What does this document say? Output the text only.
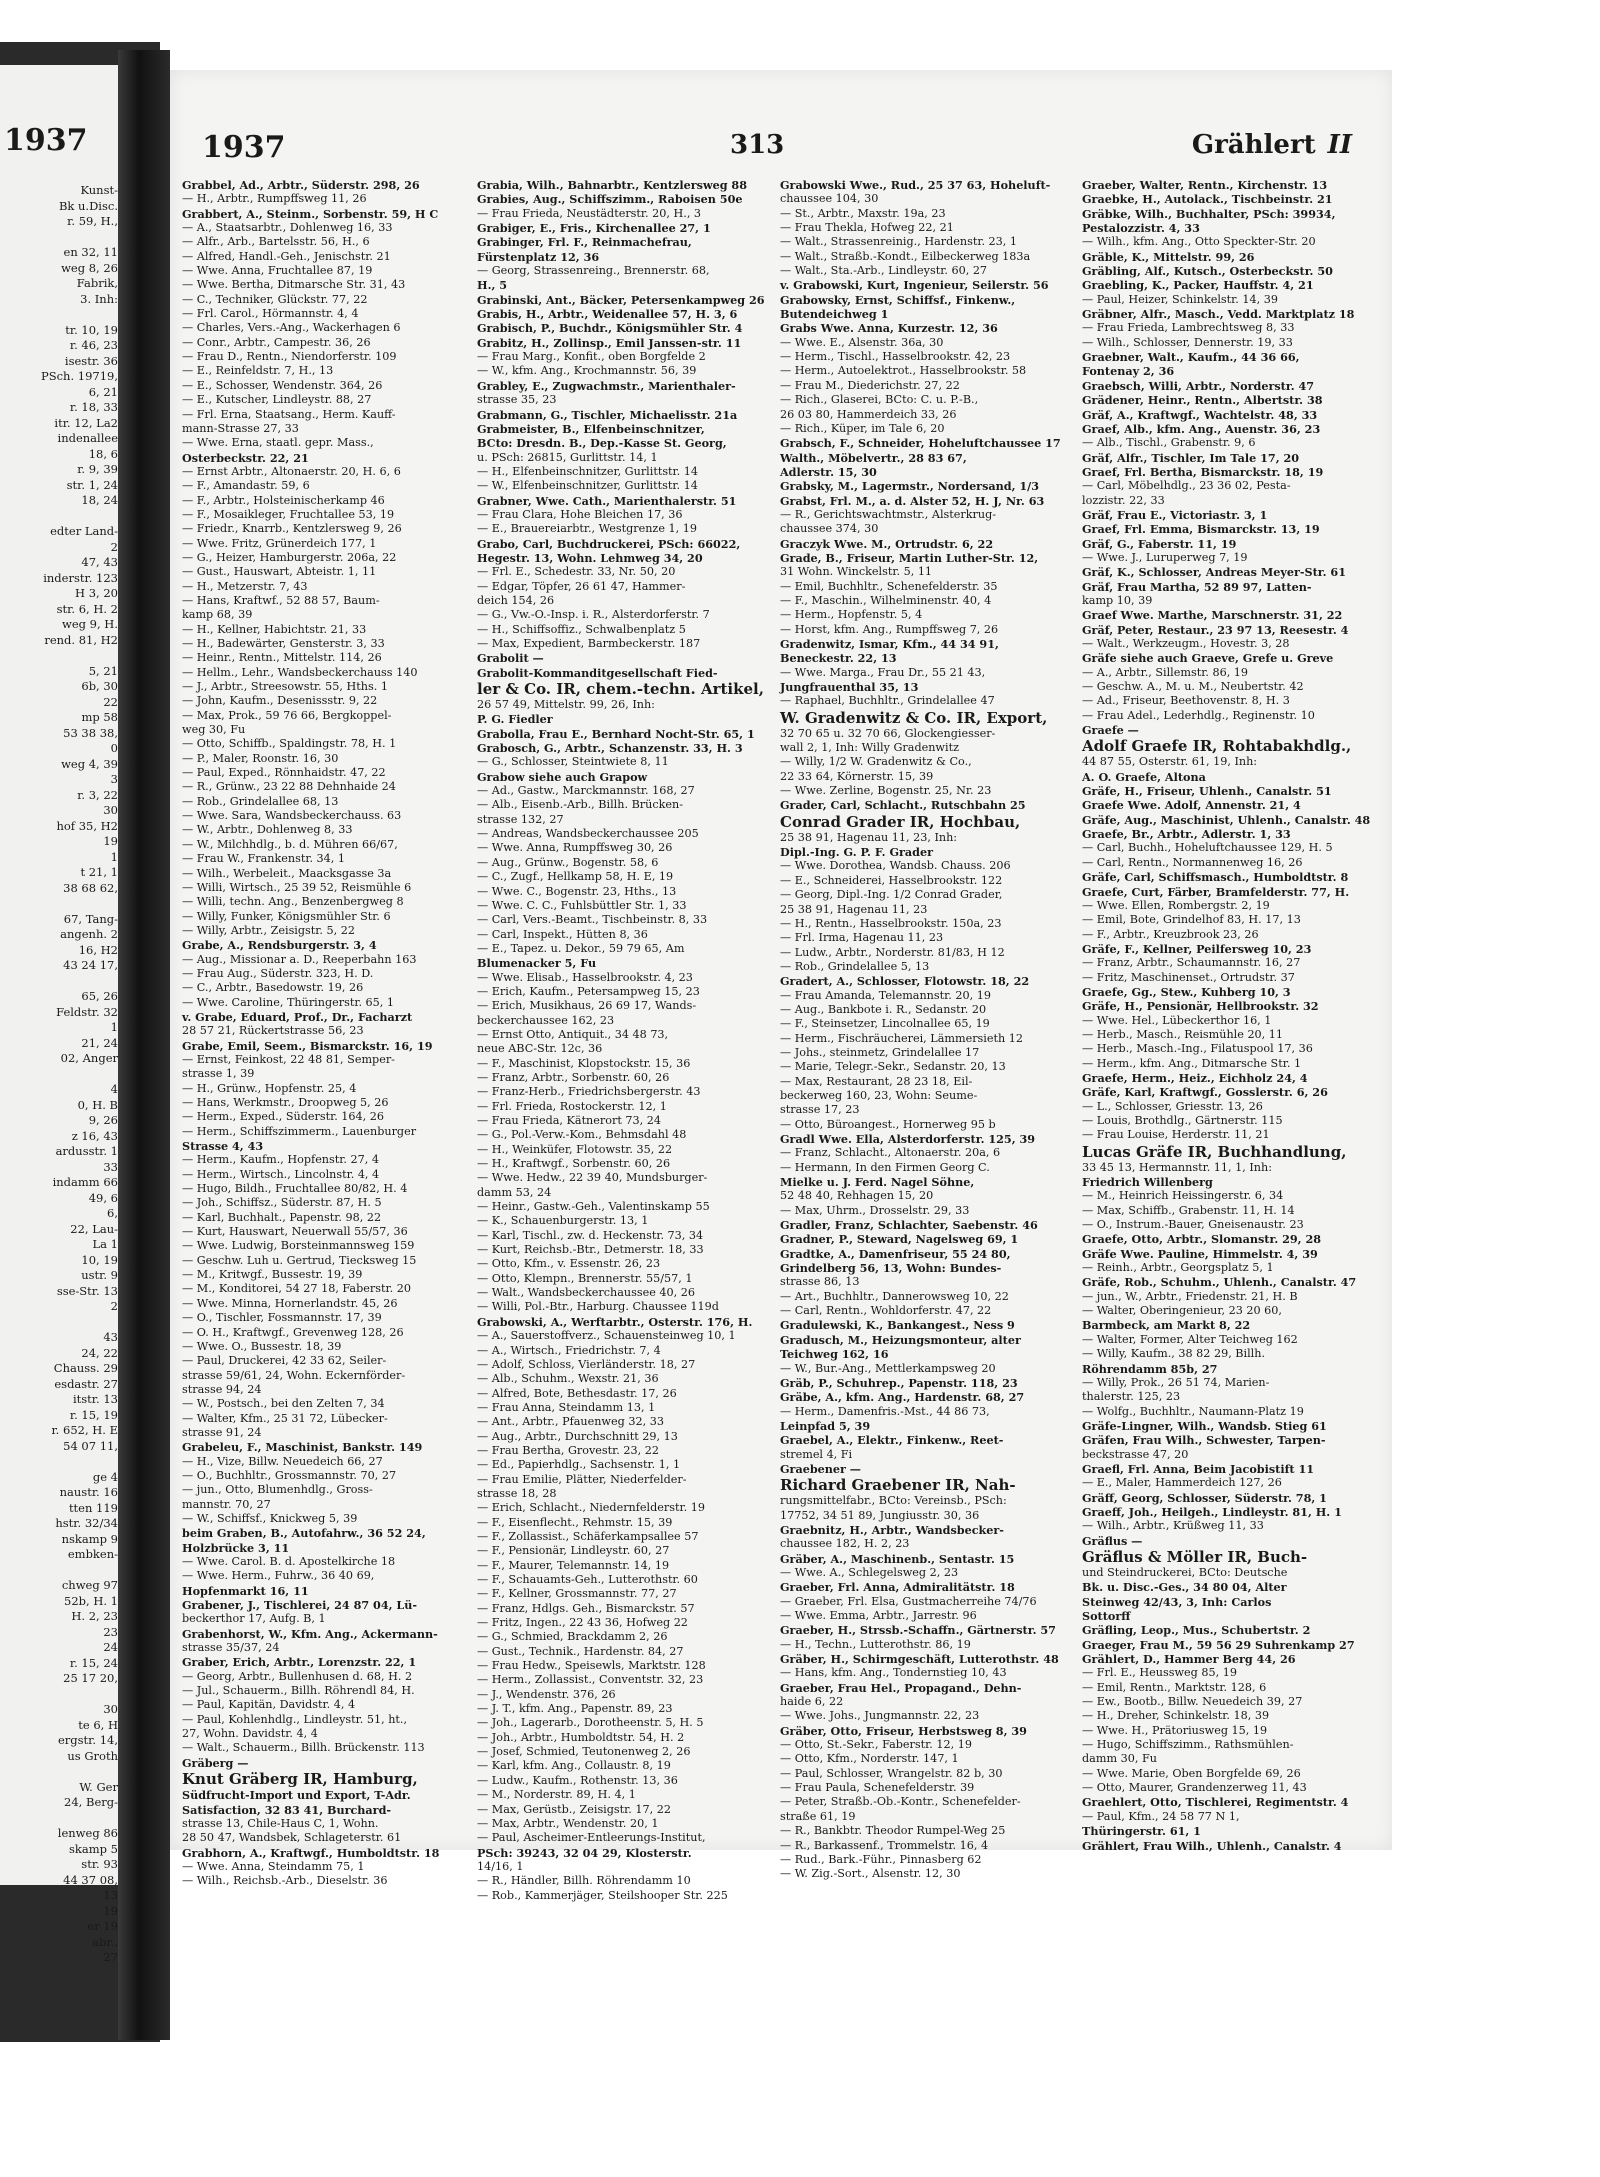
1937
Kunst-
Bk u.Disc.
r. 59, H.,

en 32, 11
weg 8, 26
Fabrik,
3. Inh:

tr. 10, 19
r. 46, 23
isestr. 36
PSch. 19719,
6, 21
r. 18, 33
itr. 12, La2
indenallee
18, 6
r. 9, 39
str. 1, 24
18, 24

edter Land-
2
47, 43
inderstr. 123
H 3, 20
str. 6, H. 2
weg 9, H.
rend. 81, H2

5, 21
6b, 30
22
mp 58
53 38 38,
0
weg 4, 39
3
r. 3, 22
30
hof 35, H2
19
1
t 21, 1
38 68 62,

67, Tang-
angenh. 2
16, H2
43 24 17,

65, 26
Feldstr. 32
1
21, 24
02, Anger

4
0, H. B
9, 26
z 16, 43
ardusstr. 1
33
indamm 66
49, 6
6,
22, Lau-
La 1
10, 19
ustr. 9
sse-Str. 13
2

43
24, 22
Chauss. 29
esdastr. 27
itstr. 13
r. 15, 19
r. 652, H. E
54 07 11,

ge 4
naustr. 16
tten 119
hstr. 32/34
nskamp 9
embken-

chweg 97
52b, H. 1
H. 2, 23
23
24
r. 15, 24
25 17 20,

30
te 6, H
ergstr. 14,
us Groth

W. Ger
24, Berg-

lenweg 86
skamp 5
str. 93
44 37 08,
13
19
er 19
abr.,
27
1937	313	Grählert II
Grabbel, Ad., Arbtr., Süderstr. 298, 26
— H., Arbtr., Rumpffsweg 11, 26
Grabbert, A., Steinm., Sorbenstr. 59, H C
— A., Staatsarbtr., Dohlenweg 16, 33
— Alfr., Arb., Bartelsstr. 56, H., 6
— Alfred, Handl.-Geh., Jenischstr. 21
— Wwe. Anna, Fruchtallee 87, 19
— Wwe. Bertha, Ditmarsche Str. 31, 43
— C., Techniker, Glückstr. 77, 22
— Frl. Carol., Hörmannstr. 4, 4
— Charles, Vers.-Ang., Wackerhagen 6
— Conr., Arbtr., Campestr. 36, 26
— Frau D., Rentn., Niendorferstr. 109
— E., Reinfeldstr. 7, H., 13
— E., Schosser, Wendenstr. 364, 26
— E., Kutscher, Lindleystr. 88, 27
— Frl. Erna, Staatsang., Herm. Kauff-
mann-Strasse 27, 33
— Wwe. Erna, staatl. gepr. Mass.,
Osterbeckstr. 22, 21
— Ernst Arbtr., Altonaerstr. 20, H. 6, 6
— F., Amandastr. 59, 6
— F., Arbtr., Holsteinischerkamp 46
— F., Mosaikleger, Fruchtallee 53, 19
— Friedr., Knarrb., Kentzlersweg 9, 26
— Wwe. Fritz, Grünerdeich 177, 1
— G., Heizer, Hamburgerstr. 206a, 22
— Gust., Hauswart, Abteistr. 1, 11
— H., Metzerstr. 7, 43
— Hans, Kraftwf., 52 88 57, Baum-
kamp 68, 39
— H., Kellner, Habichtstr. 21, 33
— H., Badewärter, Gensterstr. 3, 33
— Heinr., Rentn., Mittelstr. 114, 26
— Hellm., Lehr., Wandsbeckerchauss 140
— J., Arbtr., Streesowstr. 55, Hths. 1
— John, Kaufm., Desenissstr. 9, 22
— Max, Prok., 59 76 66, Bergkoppel-
weg 30, Fu
— Otto, Schiffb., Spaldingstr. 78, H. 1
— P., Maler, Roonstr. 16, 30
— Paul, Exped., Rönnhaidstr. 47, 22
— R., Grünw., 23 22 88 Dehnhaide 24
— Rob., Grindelallee 68, 13
— Wwe. Sara, Wandsbeckerchauss. 63
— W., Arbtr., Dohlenweg 8, 33
— W., Milchhdlg., b. d. Mühren 66/67,
— Frau W., Frankenstr. 34, 1
— Wilh., Werbeleit., Maacksgasse 3a
— Willi, Wirtsch., 25 39 52, Reismühle 6
— Willi, techn. Ang., Benzenbergweg 8
— Willy, Funker, Königsmühler Str. 6
— Willy, Arbtr., Zeisigstr. 5, 22
Grabe, A., Rendsburgerstr. 3, 4
— Aug., Missionar a. D., Reeperbahn 163
— Frau Aug., Süderstr. 323, H. D.
— C., Arbtr., Basedowstr. 19, 26
— Wwe. Caroline, Thüringerstr. 65, 1
v. Grabe, Eduard, Prof., Dr., Facharzt
28 57 21, Rückertstrasse 56, 23
Grabe, Emil, Seem., Bismarckstr. 16, 19
— Ernst, Feinkost, 22 48 81, Semper-
strasse 1, 39
— H., Grünw., Hopfenstr. 25, 4
— Hans, Werkmstr., Droopweg 5, 26
— Herm., Exped., Süderstr. 164, 26
— Herm., Schiffszimmerm., Lauenburger
Strasse 4, 43
— Herm., Kaufm., Hopfenstr. 27, 4
— Herm., Wirtsch., Lincolnstr. 4, 4
— Hugo, Bildh., Fruchtallee 80/82, H. 4
— Joh., Schiffsz., Süderstr. 87, H. 5
— Karl, Buchhalt., Papenstr. 98, 22
— Kurt, Hauswart, Neuerwall 55/57, 36
— Wwe. Ludwig, Borsteinmannsweg 159
— Geschw. Luh u. Gertrud, Tiecksweg 15
— M., Kritwgf., Bussestr. 19, 39
— M., Konditorei, 54 27 18, Faberstr. 20
— Wwe. Minna, Hornerlandstr. 45, 26
— O., Tischler, Fossmannstr. 17, 39
— O. H., Kraftwgf., Grevenweg 128, 26
— Wwe. O., Bussestr. 18, 39
— Paul, Druckerei, 42 33 62, Seiler-
strasse 59/61, 24, Wohn. Eckernförder-
strasse 94, 24
— W., Postsch., bei den Zelten 7, 34
— Walter, Kfm., 25 31 72, Lübecker-
strasse 91, 24
Grabeleu, F., Maschinist, Bankstr. 149
— H., Vize, Billw. Neuedeich 66, 27
— O., Buchhltr., Grossmannstr. 70, 27
— jun., Otto, Blumenhdlg., Gross-
mannstr. 70, 27
— W., Schiffsf., Knickweg 5, 39
beim Graben, B., Autofahrw., 36 52 24,
Holzbrücke 3, 11
— Wwe. Carol. B. d. Apostelkirche 18
— Wwe. Herm., Fuhrw., 36 40 69,
Hopfenmarkt 16, 11
Grabener, J., Tischlerei, 24 87 04, Lü-
beckerthor 17, Aufg. B, 1
Grabenhorst, W., Kfm. Ang., Ackermann-
strasse 35/37, 24
Graber, Erich, Arbtr., Lorenzstr. 22, 1
— Georg, Arbtr., Bullenhusen d. 68, H. 2
— Jul., Schauerm., Billh. Röhrendl 84, H.
— Paul, Kapitän, Davidstr. 4, 4
— Paul, Kohlenhdlg., Lindleystr. 51, ht.,
27, Wohn. Davidstr. 4, 4
— Walt., Schauerm., Billh. Brückenstr. 113
Gräberg —
Knut Gräberg IR, Hamburg,
Südfrucht-Import und Export, T-Adr.
Satisfaction, 32 83 41, Burchard-
strasse 13, Chile-Haus C, 1, Wohn.
28 50 47, Wandsbek, Schlageterstr. 61
Grabhorn, A., Kraftwgf., Humboldtstr. 18
— Wwe. Anna, Steindamm 75, 1
— Wilh., Reichsb.-Arb., Dieselstr. 36
Grabia, Wilh., Bahnarbtr., Kentzlersweg 88
Grabies, Aug., Schiffszimm., Raboisen 50e
— Frau Frieda, Neustädterstr. 20, H., 3
Grabiger, E., Fris., Kirchenallee 27, 1
Grabinger, Frl. F., Reinmachefrau,
Fürstenplatz 12, 36
— Georg, Strassenreing., Brennerstr. 68,
H., 5
Grabinski, Ant., Bäcker, Petersenkampweg 26
Grabis, H., Arbtr., Weidenallee 57, H. 3, 6
Grabisch, P., Buchdr., Königsmühler Str. 4
Grabitz, H., Zollinsp., Emil Janssen-str. 11
— Frau Marg., Konfit., oben Borgfelde 2
— W., kfm. Ang., Krochmannstr. 56, 39
Grabley, E., Zugwachmstr., Marienthaler-
strasse 35, 23
Grabmann, G., Tischler, Michaelisstr. 21a
Grabmeister, B., Elfenbeinschnitzer,
BCto: Dresdn. B., Dep.-Kasse St. Georg,
u. PSch: 26815, Gurlittstr. 14, 1
— H., Elfenbeinschnitzer, Gurlittstr. 14
— W., Elfenbeinschnitzer, Gurlittstr. 14
Grabner, Wwe. Cath., Marienthalerstr. 51
— Frau Clara, Hohe Bleichen 17, 36
— E., Brauereiarbtr., Westgrenze 1, 19
Grabo, Carl, Buchdruckerei, PSch: 66022,
Hegestr. 13, Wohn. Lehmweg 34, 20
— Frl. E., Schedestr. 33, Nr. 50, 20
— Edgar, Töpfer, 26 61 47, Hammer-
deich 154, 26
— G., Vw.-O.-Insp. i. R., Alsterdorferstr. 7
— H., Schiffsoffiz., Schwalbenplatz 5
— Max, Expedient, Barmbeckerstr. 187
Grabolit —
Grabolit-Kommanditgesellschaft Fied-
ler & Co. IR, chem.-techn. Artikel,
26 57 49, Mittelstr. 99, 26, Inh:
P. G. Fiedler
Grabolla, Frau E., Bernhard Nocht-Str. 65, 1
Grabosch, G., Arbtr., Schanzenstr. 33, H. 3
— G., Schlosser, Steintwiete 8, 11
Grabow siehe auch Grapow
— Ad., Gastw., Marckmannstr. 168, 27
— Alb., Eisenb.-Arb., Billh. Brücken-
strasse 132, 27
— Andreas, Wandsbeckerchaussee 205
— Wwe. Anna, Rumpffsweg 30, 26
— Aug., Grünw., Bogenstr. 58, 6
— C., Zugf., Hellkamp 58, H. E, 19
— Wwe. C., Bogenstr. 23, Hths., 13
— Wwe. C. C., Fuhlsbüttler Str. 1, 33
— Carl, Vers.-Beamt., Tischbeinstr. 8, 33
— Carl, Inspekt., Hütten 8, 36
— E., Tapez. u. Dekor., 59 79 65, Am
Blumenacker 5, Fu
— Wwe. Elisab., Hasselbrookstr. 4, 23
— Erich, Kaufm., Petersampweg 15, 23
— Erich, Musikhaus, 26 69 17, Wands-
beckerchaussee 162, 23
— Ernst Otto, Antiquit., 34 48 73,
neue ABC-Str. 12c, 36
— F., Maschinist, Klopstockstr. 15, 36
— Franz, Arbtr., Sorbenstr. 60, 26
— Franz-Herb., Friedrichsbergerstr. 43
— Frl. Frieda, Rostockerstr. 12, 1
— Frau Frieda, Kätnerort 73, 24
— G., Pol.-Verw.-Kom., Behmsdahl 48
— H., Weinküfer, Flotowstr. 35, 22
— H., Kraftwgf., Sorbenstr. 60, 26
— Wwe. Hedw., 22 39 40, Mundsburger-
damm 53, 24
— Heinr., Gastw.-Geh., Valentinskamp 55
— K., Schauenburgerstr. 13, 1
— Karl, Tischl., zw. d. Heckenstr. 73, 34
— Kurt, Reichsb.-Btr., Detmerstr. 18, 33
— Otto, Kfm., v. Essenstr. 26, 23
— Otto, Klempn., Brennerstr. 55/57, 1
— Walt., Wandsbeckerchaussee 40, 26
— Willi, Pol.-Btr., Harburg. Chaussee 119d
Grabowski, A., Werftarbtr., Osterstr. 176, H.
— A., Sauerstoffverz., Schauensteinweg 10, 1
— A., Wirtsch., Friedrichstr. 7, 4
— Adolf, Schloss, Vierländerstr. 18, 27
— Alb., Schuhm., Wexstr. 21, 36
— Alfred, Bote, Bethesdastr. 17, 26
— Frau Anna, Steindamm 13, 1
— Ant., Arbtr., Pfauenweg 32, 33
— Aug., Arbtr., Durchschnitt 29, 13
— Frau Bertha, Grovestr. 23, 22
— Ed., Papierhdlg., Sachsenstr. 1, 1
— Frau Emilie, Plätter, Niederfelder-
strasse 18, 28
— Erich, Schlacht., Niedernfelderstr. 19
— F., Eisenflecht., Rehmstr. 15, 39
— F., Zollassist., Schäferkampsallee 57
— F., Pensionär, Lindleystr. 60, 27
— F., Maurer, Telemannstr. 14, 19
— F., Schauamts-Geh., Lutterothstr. 60
— F., Kellner, Grossmannstr. 77, 27
— Franz, Hdlgs. Geh., Bismarckstr. 57
— Fritz, Ingen., 22 43 36, Hofweg 22
— G., Schmied, Brackdamm 2, 26
— Gust., Technik., Hardenstr. 84, 27
— Frau Hedw., Speisewls, Marktstr. 128
— Herm., Zollassist., Conventstr. 32, 23
— J., Wendenstr. 376, 26
— J. T., kfm. Ang., Papenstr. 89, 23
— Joh., Lagerarb., Dorotheenstr. 5, H. 5
— Joh., Arbtr., Humboldtstr. 54, H. 2
— Josef, Schmied, Teutonenweg 2, 26
— Karl, kfm. Ang., Collaustr. 8, 19
— Ludw., Kaufm., Rothenstr. 13, 36
— M., Norderstr. 89, H. 4, 1
— Max, Gerüstb., Zeisigstr. 17, 22
— Max, Arbtr., Wendenstr. 20, 1
— Paul, Ascheimer-Entleerungs-Institut,
PSch: 39243, 32 04 29, Klosterstr.
14/16, 1
— R., Händler, Billh. Röhrendamm 10
— Rob., Kammerjäger, Steilshooper Str. 225
Grabowski Wwe., Rud., 25 37 63, Hoheluft-
chaussee 104, 30
— St., Arbtr., Maxstr. 19a, 23
— Frau Thekla, Hofweg 22, 21
— Walt., Strassenreinig., Hardenstr. 23, 1
— Walt., Straßb.-Kondt., Eilbeckerweg 183a
— Walt., Sta.-Arb., Lindleystr. 60, 27
v. Grabowski, Kurt, Ingenieur, Seilerstr. 56
Grabowsky, Ernst, Schiffsf., Finkenw.,
Butendeichweg 1
Grabs Wwe. Anna, Kurzestr. 12, 36
— Wwe. E., Alsenstr. 36a, 30
— Herm., Tischl., Hasselbrookstr. 42, 23
— Herm., Autoelektrot., Hasselbrookstr. 58
— Frau M., Diederichstr. 27, 22
— Rich., Glaserei, BCto: C. u. P.-B.,
26 03 80, Hammerdeich 33, 26
— Rich., Küper, im Tale 6, 20
Grabsch, F., Schneider, Hoheluftchaussee 17
Walth., Möbelvertr., 28 83 67,
Adlerstr. 15, 30
Grabsky, M., Lagermstr., Nordersand, 1/3
Grabst, Frl. M., a. d. Alster 52, H. J, Nr. 63
— R., Gerichtswachtmstr., Alsterkrug-
chaussee 374, 30
Graczyk Wwe. M., Ortrudstr. 6, 22
Grade, B., Friseur, Martin Luther-Str. 12,
31 Wohn. Winckelstr. 5, 11
— Emil, Buchhltr., Schenefelderstr. 35
— F., Maschin., Wilhelminenstr. 40, 4
— Herm., Hopfenstr. 5, 4
— Horst, kfm. Ang., Rumpffsweg 7, 26
Gradenwitz, Ismar, Kfm., 44 34 91,
Beneckestr. 22, 13
— Wwe. Marga., Frau Dr., 55 21 43,
Jungfrauenthal 35, 13
— Raphael, Buchhltr., Grindelallee 47
W. Gradenwitz & Co. IR, Export,
32 70 65 u. 32 70 66, Glockengiesser-
wall 2, 1, Inh: Willy Gradenwitz
— Willy, 1/2 W. Gradenwitz & Co.,
22 33 64, Körnerstr. 15, 39
— Wwe. Zerline, Bogenstr. 25, Nr. 23
Grader, Carl, Schlacht., Rutschbahn 25
Conrad Grader IR, Hochbau,
25 38 91, Hagenau 11, 23, Inh:
Dipl.-Ing. G. P. F. Grader
— Wwe. Dorothea, Wandsb. Chauss. 206
— E., Schneiderei, Hasselbrookstr. 122
— Georg, Dipl.-Ing. 1/2 Conrad Grader,
25 38 91, Hagenau 11, 23
— H., Rentn., Hasselbrookstr. 150a, 23
— Frl. Irma, Hagenau 11, 23
— Ludw., Arbtr., Norderstr. 81/83, H 12
— Rob., Grindelallee 5, 13
Gradert, A., Schlosser, Flotowstr. 18, 22
— Frau Amanda, Telemannstr. 20, 19
— Aug., Bankbote i. R., Sedanstr. 20
— F., Steinsetzer, Lincolnallee 65, 19
— Herm., Fischräucherei, Lämmersieth 12
— Johs., steinmetz, Grindelallee 17
— Marie, Telegr.-Sekr., Sedanstr. 20, 13
— Max, Restaurant, 28 23 18, Eil-
beckerweg 160, 23, Wohn: Seume-
strasse 17, 23
— Otto, Büroangest., Hornerweg 95 b
Gradl Wwe. Ella, Alsterdorferstr. 125, 39
— Franz, Schlacht., Altonaerstr. 20a, 6
— Hermann, In den Firmen Georg C.
Mielke u. J. Ferd. Nagel Söhne,
52 48 40, Rehhagen 15, 20
— Max, Uhrm., Drosselstr. 29, 33
Gradler, Franz, Schlachter, Saebenstr. 46
Gradner, P., Steward, Nagelsweg 69, 1
Gradtke, A., Damenfriseur, 55 24 80,
Grindelberg 56, 13, Wohn: Bundes-
strasse 86, 13
— Art., Buchhltr., Dannerowsweg 10, 22
— Carl, Rentn., Wohldorferstr. 47, 22
Gradulewski, K., Bankangest., Ness 9
Gradusch, M., Heizungsmonteur, alter
Teichweg 162, 16
— W., Bur.-Ang., Mettlerkampsweg 20
Gräb, P., Schuhrep., Papenstr. 118, 23
Gräbe, A., kfm. Ang., Hardenstr. 68, 27
— Herm., Damenfris.-Mst., 44 86 73,
Leinpfad 5, 39
Graebel, A., Elektr., Finkenw., Reet-
stremel 4, Fi
Graebener —
Richard Graebener IR, Nah-
rungsmittelfabr., BCto: Vereinsb., PSch:
17752, 34 51 89, Jungiusstr. 30, 36
Graebnitz, H., Arbtr., Wandsbecker-
chaussee 182, H. 2, 23
Gräber, A., Maschinenb., Sentastr. 15
— Wwe. A., Schlegelsweg 2, 23
Graeber, Frl. Anna, Admiralitätstr. 18
— Graeber, Frl. Elsa, Gustmacherreihe 74/76
— Wwe. Emma, Arbtr., Jarrestr. 96
Graeber, H., Strssb.-Schaffn., Gärtnerstr. 57
— H., Techn., Lutterothstr. 86, 19
Gräber, H., Schirmgeschäft, Lutterothstr. 48
— Hans, kfm. Ang., Tondernstieg 10, 43
Graeber, Frau Hel., Propagand., Dehn-
haide 6, 22
— Wwe. Johs., Jungmannstr. 22, 23
Gräber, Otto, Friseur, Herbstsweg 8, 39
— Otto, St.-Sekr., Faberstr. 12, 19
— Otto, Kfm., Norderstr. 147, 1
— Paul, Schlosser, Wrangelstr. 82 b, 30
— Frau Paula, Schenefelderstr. 39
— Peter, Straßb.-Ob.-Kontr., Schenefelder-
straße 61, 19
— R., Bankbtr. Theodor Rumpel-Weg 25
— R., Barkassenf., Trommelstr. 16, 4
— Rud., Bark.-Führ., Pinnasberg 62
— W. Zig.-Sort., Alsenstr. 12, 30
Graeber, Walter, Rentn., Kirchenstr. 13
Graebke, H., Autolack., Tischbeinstr. 21
Gräbke, Wilh., Buchhalter, PSch: 39934,
Pestalozzistr. 4, 33
— Wilh., kfm. Ang., Otto Speckter-Str. 20
Gräble, K., Mittelstr. 99, 26
Gräbling, Alf., Kutsch., Osterbeckstr. 50
Graebling, K., Packer, Hauffstr. 4, 21
— Paul, Heizer, Schinkelstr. 14, 39
Gräbner, Alfr., Masch., Vedd. Marktplatz 18
— Frau Frieda, Lambrechtsweg 8, 33
— Wilh., Schlosser, Dennerstr. 19, 33
Graebner, Walt., Kaufm., 44 36 66,
Fontenay 2, 36
Graebsch, Willi, Arbtr., Norderstr. 47
Grädener, Heinr., Rentn., Albertstr. 38
Gräf, A., Kraftwgf., Wachtelstr. 48, 33
Graef, Alb., kfm. Ang., Auenstr. 36, 23
— Alb., Tischl., Grabenstr. 9, 6
Gräf, Alfr., Tischler, Im Tale 17, 20
Graef, Frl. Bertha, Bismarckstr. 18, 19
— Carl, Möbelhdlg., 23 36 02, Pesta-
lozzistr. 22, 33
Gräf, Frau E., Victoriastr. 3, 1
Graef, Frl. Emma, Bismarckstr. 13, 19
Gräf, G., Faberstr. 11, 19
— Wwe. J., Luruperweg 7, 19
Gräf, K., Schlosser, Andreas Meyer-Str. 61
Gräf, Frau Martha, 52 89 97, Latten-
kamp 10, 39
Graef Wwe. Marthe, Marschnerstr. 31, 22
Gräf, Peter, Restaur., 23 97 13, Reesestr. 4
— Walt., Werkzeugm., Hovestr. 3, 28
Gräfe siehe auch Graeve, Grefe u. Greve
— A., Arbtr., Sillemstr. 86, 19
— Geschw. A., M. u. M., Neubertstr. 42
— Ad., Friseur, Beethovenstr. 8, H. 3
— Frau Adel., Lederhdlg., Reginenstr. 10
Graefe —
Adolf Graefe IR, Rohtabakhdlg.,
44 87 55, Osterstr. 61, 19, Inh:
A. O. Graefe, Altona
Gräfe, H., Friseur, Uhlenh., Canalstr. 51
Graefe Wwe. Adolf, Annenstr. 21, 4
Gräfe, Aug., Maschinist, Uhlenh., Canalstr. 48
Graefe, Br., Arbtr., Adlerstr. 1, 33
— Carl, Buchh., Hoheluftchaussee 129, H. 5
— Carl, Rentn., Normannenweg 16, 26
Gräfe, Carl, Schiffsmasch., Humboldtstr. 8
Graefe, Curt, Färber, Bramfelderstr. 77, H.
— Wwe. Ellen, Rombergstr. 2, 19
— Emil, Bote, Grindelhof 83, H. 17, 13
— F., Arbtr., Kreuzbrook 23, 26
Gräfe, F., Kellner, Peilfersweg 10, 23
— Franz, Arbtr., Schaumannstr. 16, 27
— Fritz, Maschinenset., Ortrudstr. 37
Graefe, Gg., Stew., Kuhberg 10, 3
Gräfe, H., Pensionär, Hellbrookstr. 32
— Wwe. Hel., Lübeckerthor 16, 1
— Herb., Masch., Reismühle 20, 11
— Herb., Masch.-Ing., Filatuspool 17, 36
— Herm., kfm. Ang., Ditmarsche Str. 1
Graefe, Herm., Heiz., Eichholz 24, 4
Gräfe, Karl, Kraftwgf., Gosslerstr. 6, 26
— L., Schlosser, Griesstr. 13, 26
— Louis, Brothdlg., Gärtnerstr. 115
— Frau Louise, Herderstr. 11, 21
Lucas Gräfe IR, Buchhandlung,
33 45 13, Hermannstr. 11, 1, Inh:
Friedrich Willenberg
— M., Heinrich Heissingerstr. 6, 34
— Max, Schiffb., Grabenstr. 11, H. 14
— O., Instrum.-Bauer, Gneisenaustr. 23
Graefe, Otto, Arbtr., Slomanstr. 29, 28
Gräfe Wwe. Pauline, Himmelstr. 4, 39
— Reinh., Arbtr., Georgsplatz 5, 1
Gräfe, Rob., Schuhm., Uhlenh., Canalstr. 47
— jun., W., Arbtr., Friedenstr. 21, H. B
— Walter, Oberingenieur, 23 20 60,
Barmbeck, am Markt 8, 22
— Walter, Former, Alter Teichweg 162
— Willy, Kaufm., 38 82 29, Billh.
Röhrendamm 85b, 27
— Willy, Prok., 26 51 74, Marien-
thalerstr. 125, 23
— Wolfg., Buchhltr., Naumann-Platz 19
Gräfe-Lingner, Wilh., Wandsb. Stieg 61
Gräfen, Frau Wilh., Schwester, Tarpen-
beckstrasse 47, 20
Graefl, Frl. Anna, Beim Jacobistift 11
— E., Maler, Hammerdeich 127, 26
Gräff, Georg, Schlosser, Süderstr. 78, 1
Graeff, Joh., Heilgeh., Lindleystr. 81, H. 1
— Wilh., Arbtr., Krüßweg 11, 33
Gräflus —
Gräflus & Möller IR, Buch-
und Steindruckerei, BCto: Deutsche
Bk. u. Disc.-Ges., 34 80 04, Alter
Steinweg 42/43, 3, Inh: Carlos
Sottorff
Gräfling, Leop., Mus., Schubertstr. 2
Graeger, Frau M., 59 56 29 Suhrenkamp 27
Grählert, D., Hammer Berg 44, 26
— Frl. E., Heussweg 85, 19
— Emil, Rentn., Marktstr. 128, 6
— Ew., Bootb., Billw. Neuedeich 39, 27
— H., Dreher, Schinkelstr. 18, 39
— Wwe. H., Prätoriusweg 15, 19
— Hugo, Schiffszimm., Rathsmühlen-
damm 30, Fu
— Wwe. Marie, Oben Borgfelde 69, 26
— Otto, Maurer, Grandenzerweg 11, 43
Graehlert, Otto, Tischlerei, Regimentstr. 4
— Paul, Kfm., 24 58 77 N 1,
Thüringerstr. 61, 1
Grählert, Frau Wilh., Uhlenh., Canalstr. 4
